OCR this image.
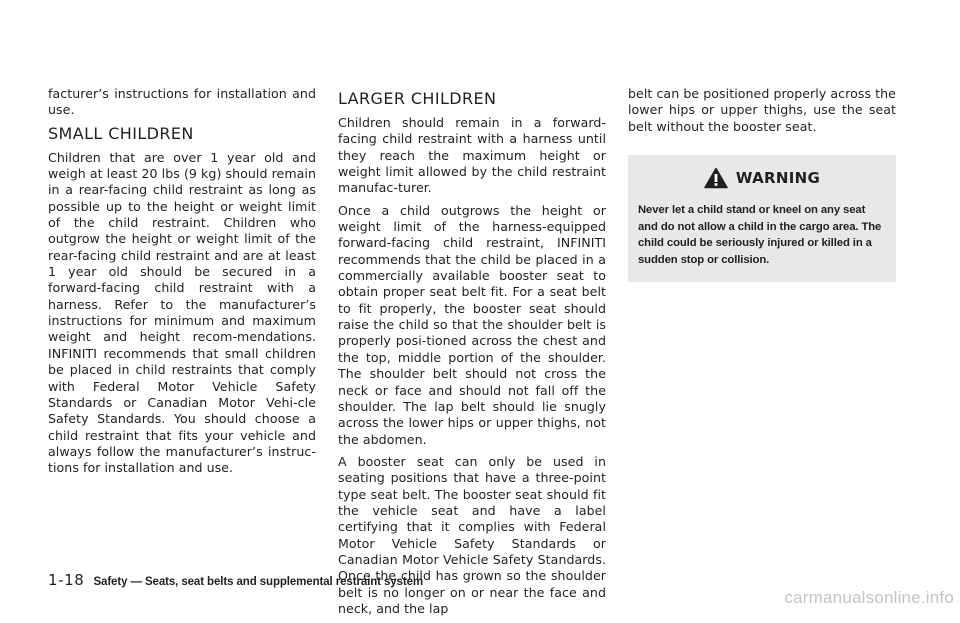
facturer’s instructions for installation and use.

SMALL CHILDREN

Children that are over 1 year old and weigh at least 20 lbs (9 kg) should remain in a rear-facing child restraint as long as possible up to the height or weight limit of the child restraint. Children who outgrow the height or weight limit of the rear-facing child restraint and are at least 1 year old should be secured in a forward-facing child restraint with a harness. Refer to the manufacturer’s instructions for minimum and maximum weight and height recom-mendations. INFINITI recommends that small children be placed in child restraints that comply with Federal Motor Vehicle Safety Standards or Canadian Motor Vehi-cle Safety Standards. You should choose a child restraint that fits your vehicle and always follow the manufacturer’s instruc-tions for installation and use.

LARGER CHILDREN

Children should remain in a forward-facing child restraint with a harness until they reach the maximum height or weight limit allowed by the child restraint manufac-turer.

Once a child outgrows the height or weight limit of the harness-equipped forward-facing child restraint, INFINITI recommends that the child be placed in a commercially available booster seat to obtain proper seat belt fit. For a seat belt to fit properly, the booster seat should raise the child so that the shoulder belt is properly posi-tioned across the chest and the top, middle portion of the shoulder. The shoulder belt should not cross the neck or face and should not fall off the shoulder. The lap belt should lie snugly across the lower hips or upper thighs, not the abdomen.

A booster seat can only be used in seating positions that have a three-point type seat belt. The booster seat should fit the vehicle seat and have a label certifying that it complies with Federal Motor Vehicle Safety Standards or Canadian Motor Vehicle Safety Standards. Once the child has grown so the shoulder belt is no longer on or near the face and neck, and the lap

belt can be positioned properly across the lower hips or upper thighs, use the seat belt without the booster seat.

WARNING

Never let a child stand or kneel on any seat and do not allow a child in the cargo area. The child could be seriously injured or killed in a sudden stop or collision.

1-18 Safety — Seats, seat belts and supplemental restraint system
carmanualsonline.info
